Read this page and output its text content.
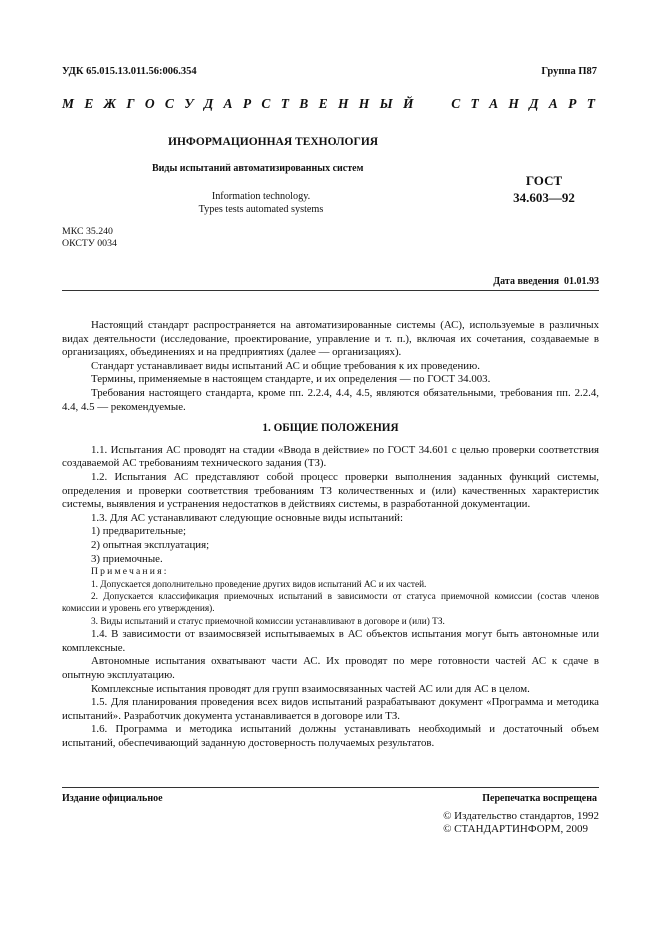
УДК 65.015.13.011.56:006.354	Группа П87
М Е Ж Г О С У Д А Р С Т В Е Н Н Ы Й

	С Т А Н Д А Р Т
ИНФОРМАЦИОННАЯ ТЕХНОЛОГИЯ
Виды испытаний автоматизированных систем
ГОСТ
34.603—92
Information technology.
Types tests automated systems
МКС 35.240
ОКСТУ 0034
Дата введения 01.01.93

Настоящий стандарт распространяется на автоматизированные системы (АС), используемые в различных видах деятельности (исследование, проектирование, управление и т. п.), включая их сочетания, создаваемые в организациях, объединениях и на предприятиях (далее — организациях).

Стандарт устанавливает виды испытаний АС и общие требования к их проведению.

Термины, применяемые в настоящем стандарте, и их определения — по ГОСТ 34.003.

Требования настоящего стандарта, кроме пп. 2.2.4, 4.4, 4.5, являются обязательными, требования пп. 2.2.4, 4.4, 4.5 — рекомендуемые.

1. ОБЩИЕ ПОЛОЖЕНИЯ

1.1. Испытания АС проводят на стадии «Ввода в действие» по ГОСТ 34.601 с целью проверки соответствия создаваемой АС требованиям технического задания (ТЗ).

1.2. Испытания АС представляют собой процесс проверки выполнения заданных функций системы, определения и проверки соответствия требованиям ТЗ количественных и (или) качественных характеристик системы, выявления и устранения недостатков в действиях системы, в разработанной документации.

1.3. Для АС устанавливают следующие основные виды испытаний:

1) предварительные;

2) опытная эксплуатация;

3) приемочные.

Примечания:

1. Допускается дополнительно проведение других видов испытаний АС и их частей.

2. Допускается классификация приемочных испытаний в зависимости от статуса приемочной комиссии (состав членов комиссии и уровень его утверждения).

3. Виды испытаний и статус приемочной комиссии устанавливают в договоре и (или) ТЗ.

1.4. В зависимости от взаимосвязей испытываемых в АС объектов испытания могут быть автономные или комплексные.

Автономные испытания охватывают части АС. Их проводят по мере готовности частей АС к сдаче в опытную эксплуатацию.

Комплексные испытания проводят для групп взаимосвязанных частей АС или для АС в целом.

1.5. Для планирования проведения всех видов испытаний разрабатывают документ «Программа и методика испытаний». Разработчик документа устанавливается в договоре или ТЗ.

1.6. Программа и методика испытаний должны устанавливать необходимый и достаточный объем испытаний, обеспечивающий заданную достоверность получаемых результатов.

Издание официальное	Перепечатка воспрещена
© Издательство стандартов, 1992
© СТАНДАРТИНФОРМ, 2009
